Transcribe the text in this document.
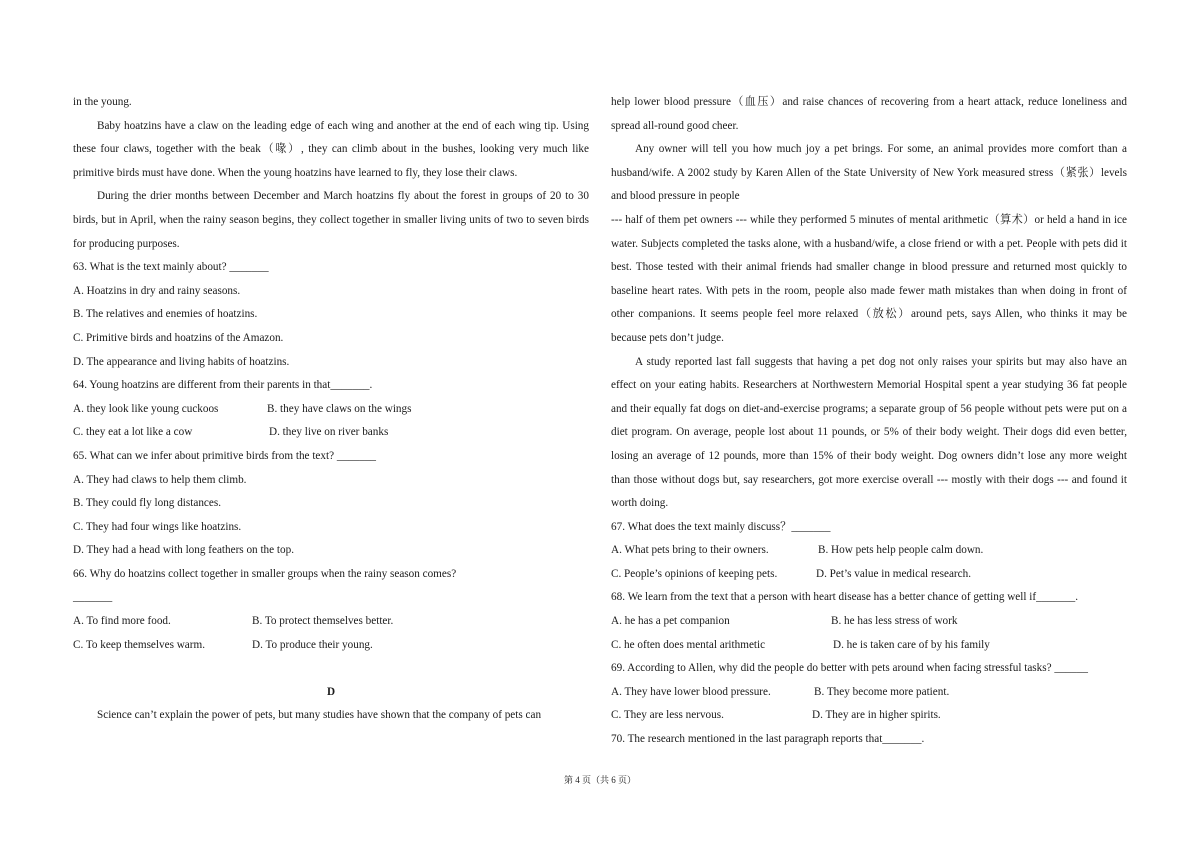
in the young.

Baby hoatzins have a claw on the leading edge of each wing and another at the end of each wing tip. Using these four claws, together with the beak（喙）, they can climb about in the bushes, looking very much like primitive birds must have done. When the young hoatzins have learned to fly, they lose their claws.

During the drier months between December and March hoatzins fly about the forest in groups of 20 to 30 birds, but in April, when the rainy season begins, they collect together in smaller living units of two to seven birds for producing purposes.

63. What is the text mainly about? _______

A. Hoatzins in dry and rainy seasons.

B. The relatives and enemies of hoatzins.

C. Primitive birds and hoatzins of the Amazon.

D. The appearance and living habits of hoatzins.

64. Young hoatzins are different from their parents in that_______.

A. they look like young cuckoos	B. they have claws on the wings
C. they eat a lot like a cow	D. they live on river banks

65. What can we infer about primitive birds from the text? _______

A. They had claws to help them climb.

B. They could fly long distances.

C. They had four wings like hoatzins.

D. They had a head with long feathers on the top.

66. Why do hoatzins collect together in smaller groups when the rainy season comes?

_______

A. To find more food.	B. To protect themselves better.
C. To keep themselves warm.	D. To produce their young.

D

Science can’t explain the power of pets, but many studies have shown that the company of pets can

help lower blood pressure（血压）and raise chances of recovering from a heart attack, reduce loneliness and spread all-round good cheer.

Any owner will tell you how much joy a pet brings. For some, an animal provides more comfort than a husband/wife. A 2002 study by Karen Allen of the State University of New York measured stress（紧张）levels and blood pressure in people

--- half of them pet owners --- while they performed 5 minutes of mental arithmetic（算术）or held a hand in ice water. Subjects completed the tasks alone, with a husband/wife, a close friend or with a pet. People with pets did it best. Those tested with their animal friends had smaller change in blood pressure and returned most quickly to baseline heart rates. With pets in the room, people also made fewer math mistakes than when doing in front of other companions. It seems people feel more relaxed（放松）around pets, says Allen, who thinks it may be because pets don’t judge.

A study reported last fall suggests that having a pet dog not only raises your spirits but may also have an effect on your eating habits. Researchers at Northwestern Memorial Hospital spent a year studying 36 fat people and their equally fat dogs on diet-and-exercise programs; a separate group of 56 people without pets were put on a diet program. On average, people lost about 11 pounds, or 5% of their body weight. Their dogs did even better, losing an average of 12 pounds, more than 15% of their body weight. Dog owners didn’t lose any more weight than those without dogs but, say researchers, got more exercise overall --- mostly with their dogs --- and found it worth doing.

67. What does the text mainly discuss？_______

A. What pets bring to their owners.	B. How pets help people calm down.
C. People’s opinions of keeping pets.	D. Pet’s value in medical research.

68. We learn from the text that a person with heart disease has a better chance of getting well if_______.

A. he has a pet companion	B. he has less stress of work
C. he often does mental arithmetic	D. he is taken care of by his family

69. According to Allen, why did the people do better with pets around when facing stressful tasks? ______

A. They have lower blood pressure.	B. They become more patient.
C. They are less nervous.	D. They are in higher spirits.

70. The research mentioned in the last paragraph reports that_______.

第 4 页（共 6 页）
